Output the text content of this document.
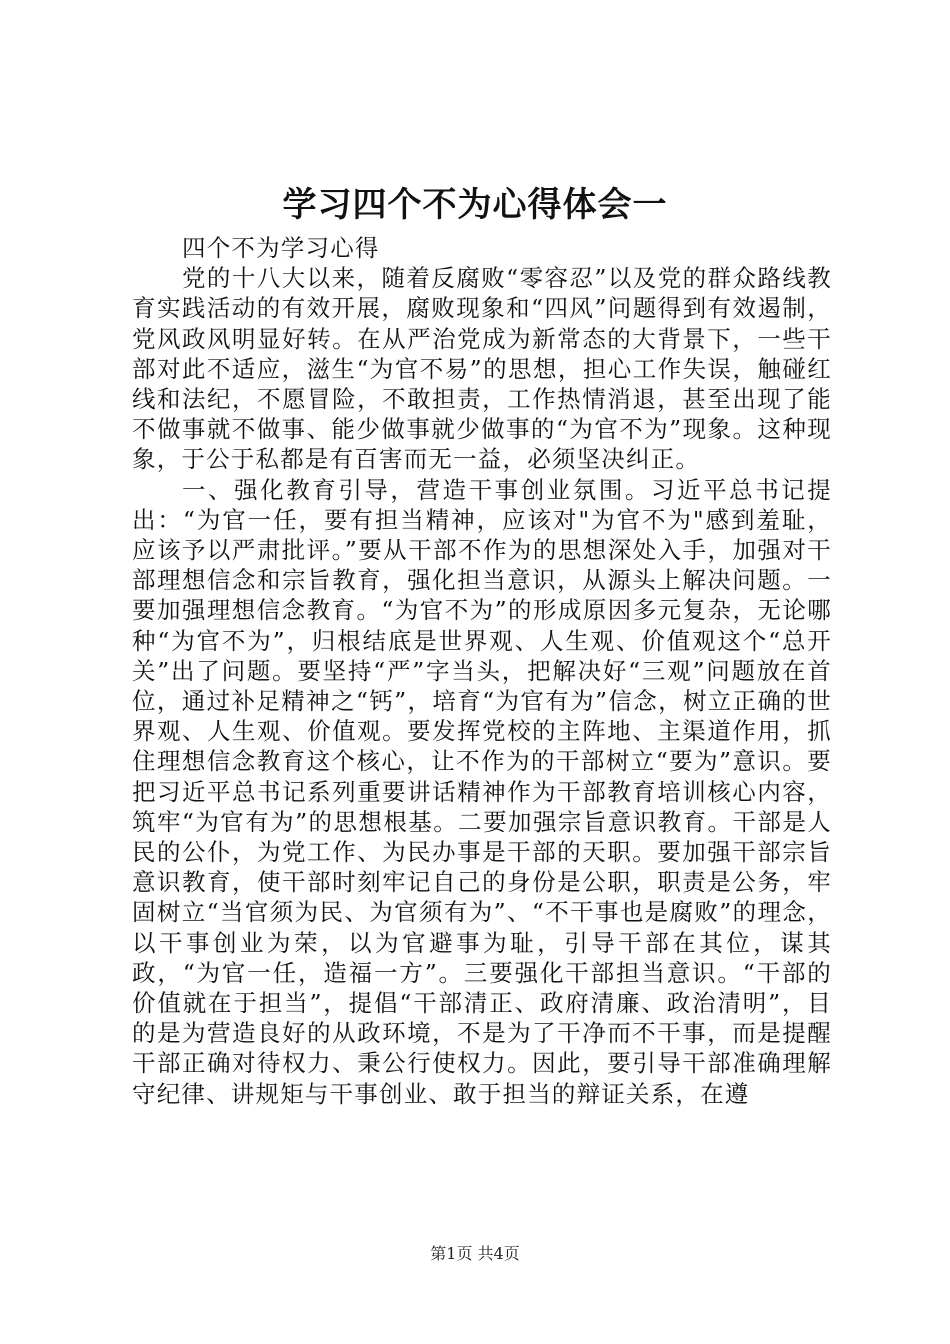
学习四个不为心得体会一

四个不为学习心得

党的十八大以来，随着反腐败“零容忍”以及党的群众路线教育实践活动的有效开展，腐败现象和“四风”问题得到有效遏制，党风政风明显好转。在从严治党成为新常态的大背景下，一些干部对此不适应，滋生“为官不易”的思想，担心工作失误，触碰红线和法纪，不愿冒险，不敢担责，工作热情消退，甚至出现了能不做事就不做事、能少做事就少做事的“为官不为”现象。这种现象，于公于私都是有百害而无一益，必须坚决纠正。

一、强化教育引导，营造干事创业氛围。习近平总书记提出：“为官一任，要有担当精神，应该对"为官不为"感到羞耻，应该予以严肃批评。”要从干部不作为的思想深处入手，加强对干部理想信念和宗旨教育，强化担当意识，从源头上解决问题。一要加强理想信念教育。“为官不为”的形成原因多元复杂，无论哪种“为官不为”，归根结底是世界观、人生观、价值观这个“总开关”出了问题。要坚持“严”字当头，把解决好“三观”问题放在首位，通过补足精神之“钙”，培育“为官有为”信念，树立正确的世界观、人生观、价值观。要发挥党校的主阵地、主渠道作用，抓住理想信念教育这个核心，让不作为的干部树立“要为”意识。要把习近平总书记系列重要讲话精神作为干部教育培训核心内容，筑牢“为官有为”的思想根基。二要加强宗旨意识教育。干部是人民的公仆，为党工作、为民办事是干部的天职。要加强干部宗旨意识教育，使干部时刻牢记自己的身份是公职，职责是公务，牢固树立“当官须为民、为官须有为”、“不干事也是腐败”的理念，以干事创业为荣，以为官避事为耻，引导干部在其位，谋其政，“为官一任，造福一方”。三要强化干部担当意识。“干部的价值就在于担当”，提倡“干部清正、政府清廉、政治清明”，目的是为营造良好的从政环境，不是为了干净而不干事，而是提醒干部正确对待权力、秉公行使权力。因此，要引导干部准确理解守纪律、讲规矩与干事创业、敢于担当的辩证关系，在遵

第1页 共4页
